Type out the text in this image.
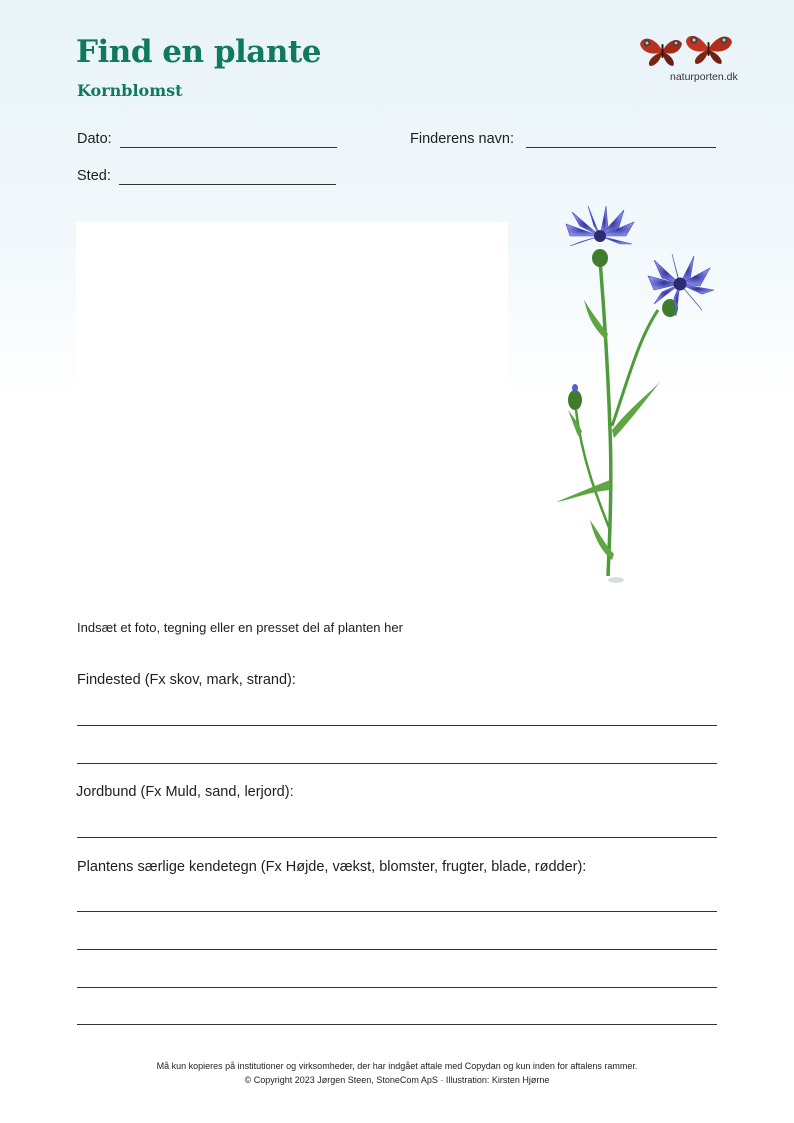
Find en plante
Kornblomst
naturporten.dk
Dato:	Finderens navn:
Sted:
Indsæt et foto, tegning eller en presset del af planten her
Findested (Fx skov, mark, strand):
Jordbund (Fx Muld, sand, lerjord):
Plantens særlige kendetegn (Fx Højde, vækst, blomster, frugter, blade, rødder):
Må kun kopieres på institutioner og virksomheder, der har indgået aftale med Copydan og kun inden for aftalens rammer.
© Copyright 2023 Jørgen Steen, StoneCom ApS · Illustration: Kirsten Hjørne
